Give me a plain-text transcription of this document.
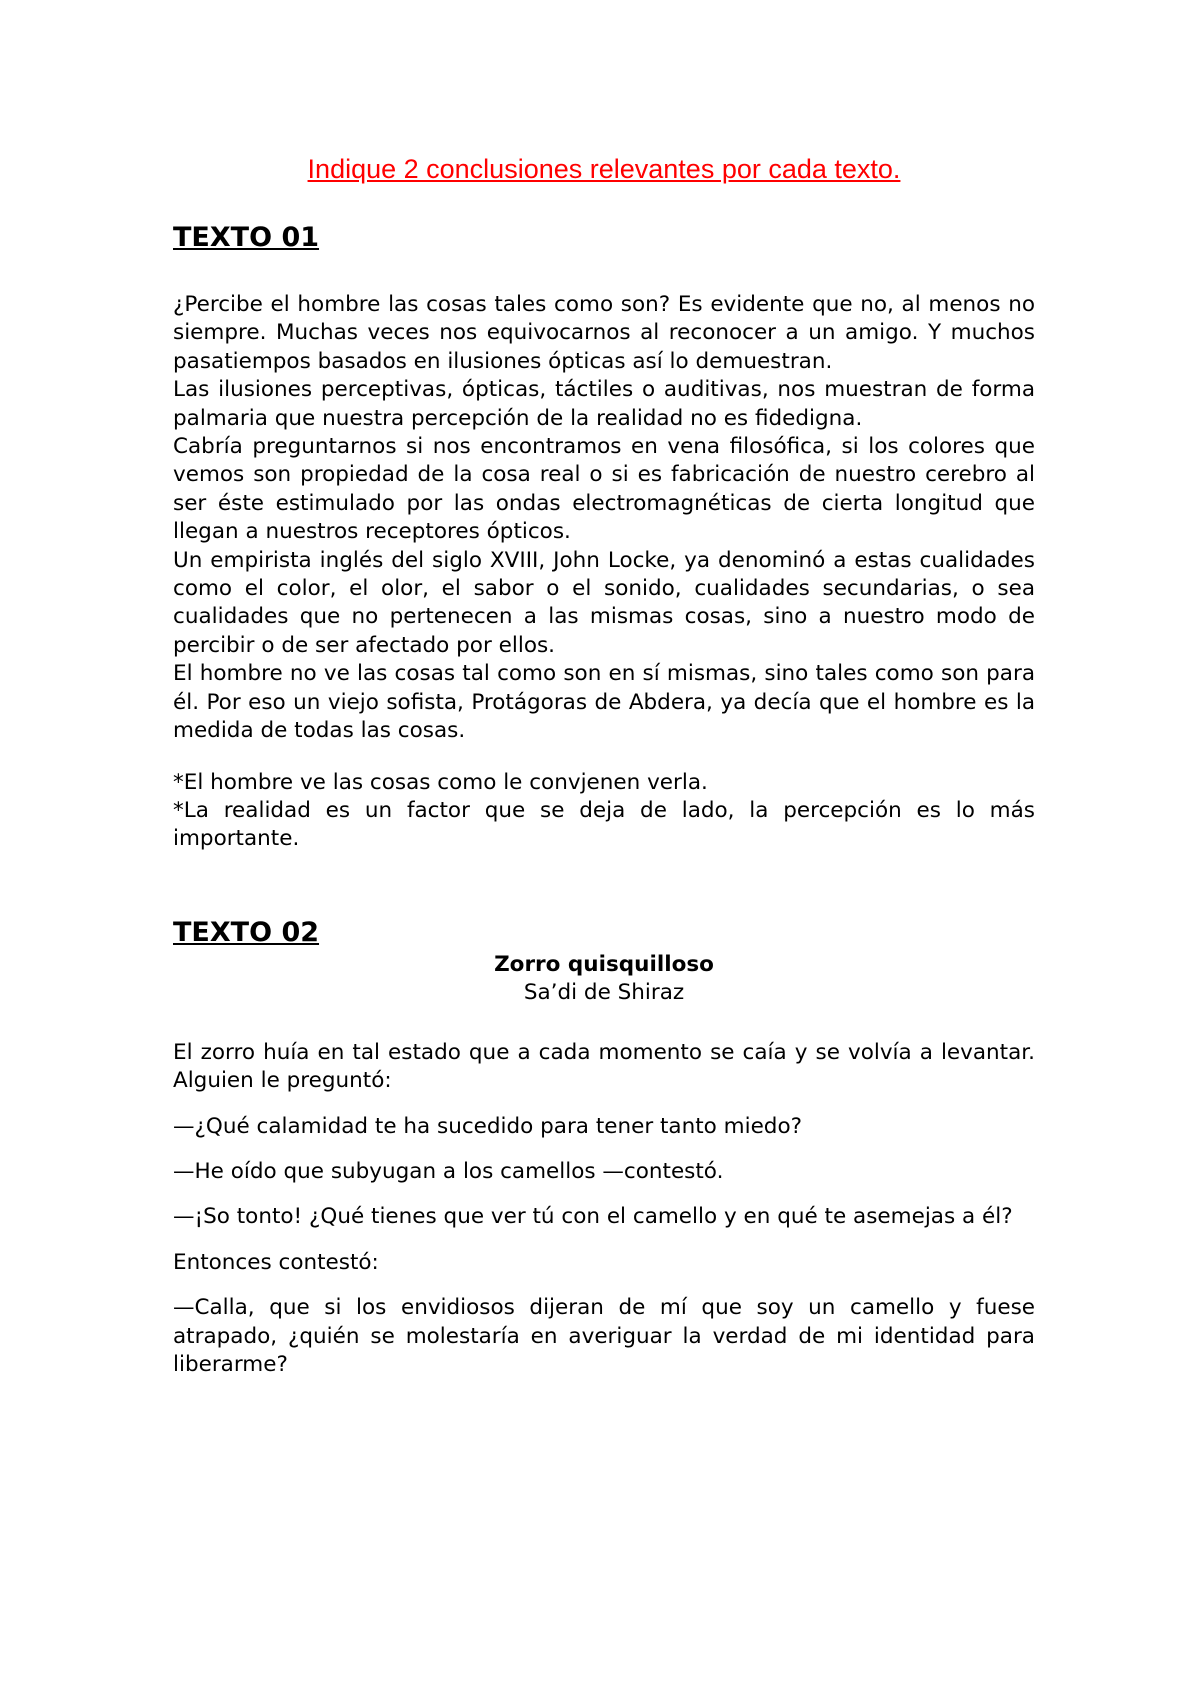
Indique 2 conclusiones relevantes por cada texto.

TEXTO 01

¿Percibe el hombre las cosas tales como son? Es evidente que no, al menos no siempre. Muchas veces nos equivocarnos al reconocer a un amigo. Y muchos pasatiempos basados en ilusiones ópticas así lo demuestran.

Las ilusiones perceptivas, ópticas, táctiles o auditivas, nos muestran de forma palmaria que nuestra percepción de la realidad no es fidedigna.

Cabría preguntarnos si nos encontramos en vena filosófica, si los colores que vemos son propiedad de la cosa real o si es fabricación de nuestro cerebro al ser éste estimulado por las ondas electromagnéticas de cierta longitud que llegan a nuestros receptores ópticos.

Un empirista inglés del siglo XVIII, John Locke, ya denominó a estas cualidades como el color, el olor, el sabor o el sonido, cualidades secundarias, o sea cualidades que no pertenecen a las mismas cosas, sino a nuestro modo de percibir o de ser afectado por ellos.

El hombre no ve las cosas tal como son en sí mismas, sino tales como son para él. Por eso un viejo sofista, Protágoras de Abdera, ya decía que el hombre es la medida de todas las cosas.

*El hombre ve las cosas como le convjenen verla.

*La realidad es un factor que se deja de lado, la percepción es lo más importante.

TEXTO 02

Zorro quisquilloso

Sa’di de Shiraz

El zorro huía en tal estado que a cada momento se caía y se volvía a levantar. Alguien le preguntó:

—¿Qué calamidad te ha sucedido para tener tanto miedo?

—He oído que subyugan a los camellos —contestó.

—¡So tonto! ¿Qué tienes que ver tú con el camello y en qué te asemejas a él?

Entonces contestó:

—Calla, que si los envidiosos dijeran de mí que soy un camello y fuese atrapado, ¿quién se molestaría en averiguar la verdad de mi identidad para liberarme?
